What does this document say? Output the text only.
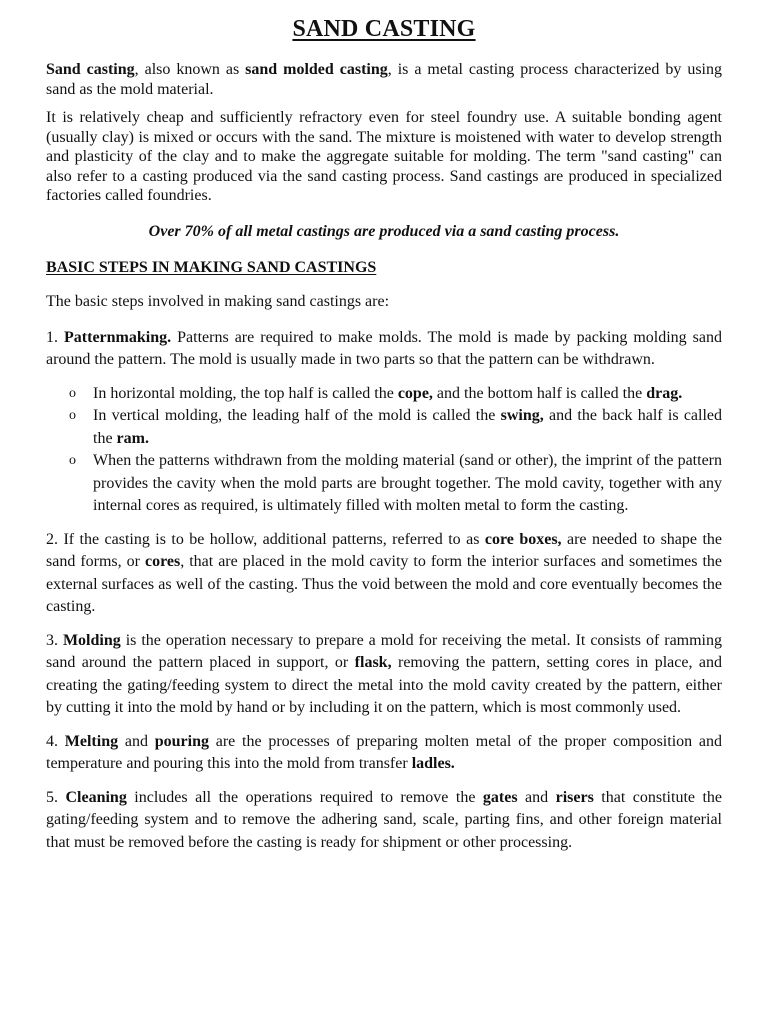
SAND CASTING

Sand casting, also known as sand molded casting, is a metal casting process characterized by using sand as the mold material.

It is relatively cheap and sufficiently refractory even for steel foundry use. A suitable bonding agent (usually clay) is mixed or occurs with the sand. The mixture is moistened with water to develop strength and plasticity of the clay and to make the aggregate suitable for molding. The term "sand casting" can also refer to a casting produced via the sand casting process. Sand castings are produced in specialized factories called foundries.

Over 70% of all metal castings are produced via a sand casting process.

BASIC STEPS IN MAKING SAND CASTINGS

The basic steps involved in making sand castings are:

1. Patternmaking. Patterns are required to make molds. The mold is made by packing molding sand around the pattern. The mold is usually made in two parts so that the pattern can be withdrawn.

o In horizontal molding, the top half is called the cope, and the bottom half is called the drag.
o In vertical molding, the leading half of the mold is called the swing, and the back half is called the ram.
o When the patterns withdrawn from the molding material (sand or other), the imprint of the pattern provides the cavity when the mold parts are brought together. The mold cavity, together with any internal cores as required, is ultimately filled with molten metal to form the casting.

2. If the casting is to be hollow, additional patterns, referred to as core boxes, are needed to shape the sand forms, or cores, that are placed in the mold cavity to form the interior surfaces and sometimes the external surfaces as well of the casting. Thus the void between the mold and core eventually becomes the casting.

3. Molding is the operation necessary to prepare a mold for receiving the metal. It consists of ramming sand around the pattern placed in support, or flask, removing the pattern, setting cores in place, and creating the gating/feeding system to direct the metal into the mold cavity created by the pattern, either by cutting it into the mold by hand or by including it on the pattern, which is most commonly used.

4. Melting and pouring are the processes of preparing molten metal of the proper composition and temperature and pouring this into the mold from transfer ladles.

5. Cleaning includes all the operations required to remove the gates and risers that constitute the gating/feeding system and to remove the adhering sand, scale, parting fins, and other foreign material that must be removed before the casting is ready for shipment or other processing.
